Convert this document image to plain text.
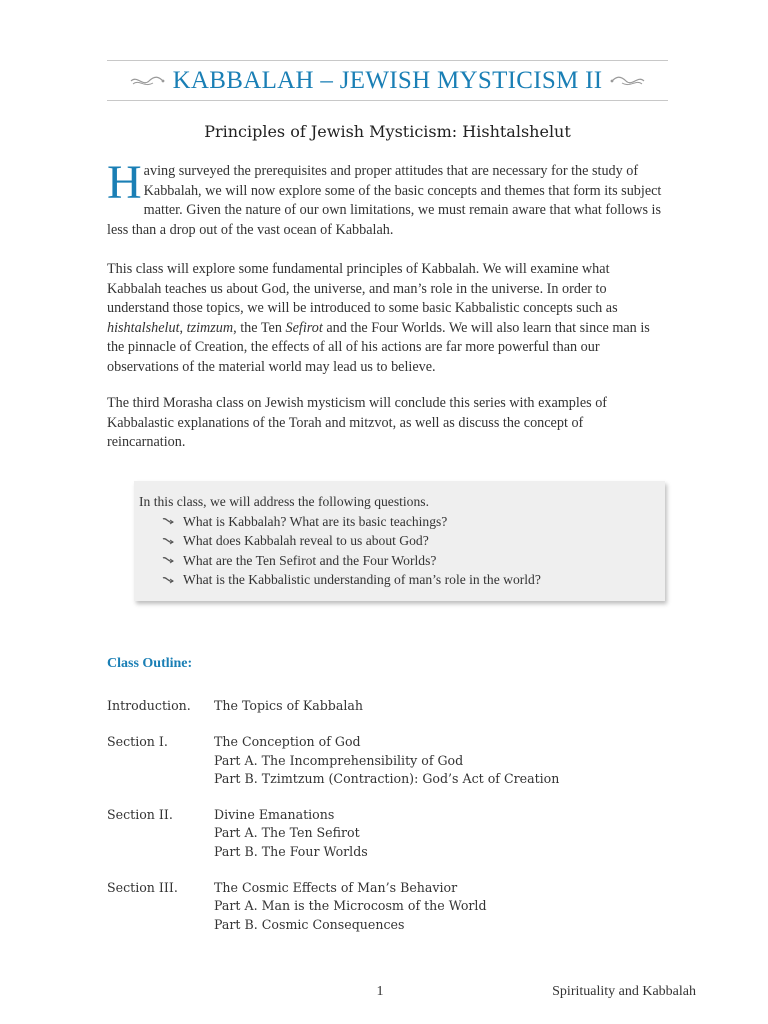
KABBALAH – JEWISH MYSTICISM II
Principles of Jewish Mysticism: Hishtalshelut

Having surveyed the prerequisites and proper attitudes that are necessary for the study of Kabbalah, we will now explore some of the basic concepts and themes that form its subject matter. Given the nature of our own limitations, we must remain aware that what follows is less than a drop out of the vast ocean of Kabbalah.

This class will explore some fundamental principles of Kabbalah. We will examine what Kabbalah teaches us about God, the universe, and man’s role in the universe. In order to understand those topics, we will be introduced to some basic Kabbalistic concepts such as hishtalshelut, tzimzum, the Ten Sefirot and the Four Worlds. We will also learn that since man is the pinnacle of Creation, the effects of all of his actions are far more powerful than our observations of the material world may lead us to believe.

The third Morasha class on Jewish mysticism will conclude this series with examples of Kabbalastic explanations of the Torah and mitzvot, as well as discuss the concept of reincarnation.

In this class, we will address the following questions.
What is Kabbalah? What are its basic teachings?
What does Kabbalah reveal to us about God?
What are the Ten Sefirot and the Four Worlds?
What is the Kabbalistic understanding of man’s role in the world?
Class Outline:
Introduction.	The Topics of Kabbalah
Section I.	The Conception of God
Part A. The Incomprehensibility of God
Part B. Tzimtzum (Contraction): God’s Act of Creation
Section II.	Divine Emanations
Part A. The Ten Sefirot
Part B. The Four Worlds
Section III.	The Cosmic Effects of Man’s Behavior
Part A. Man is the Microcosm of the World
Part B. Cosmic Consequences
1	Spirituality and Kabbalah
